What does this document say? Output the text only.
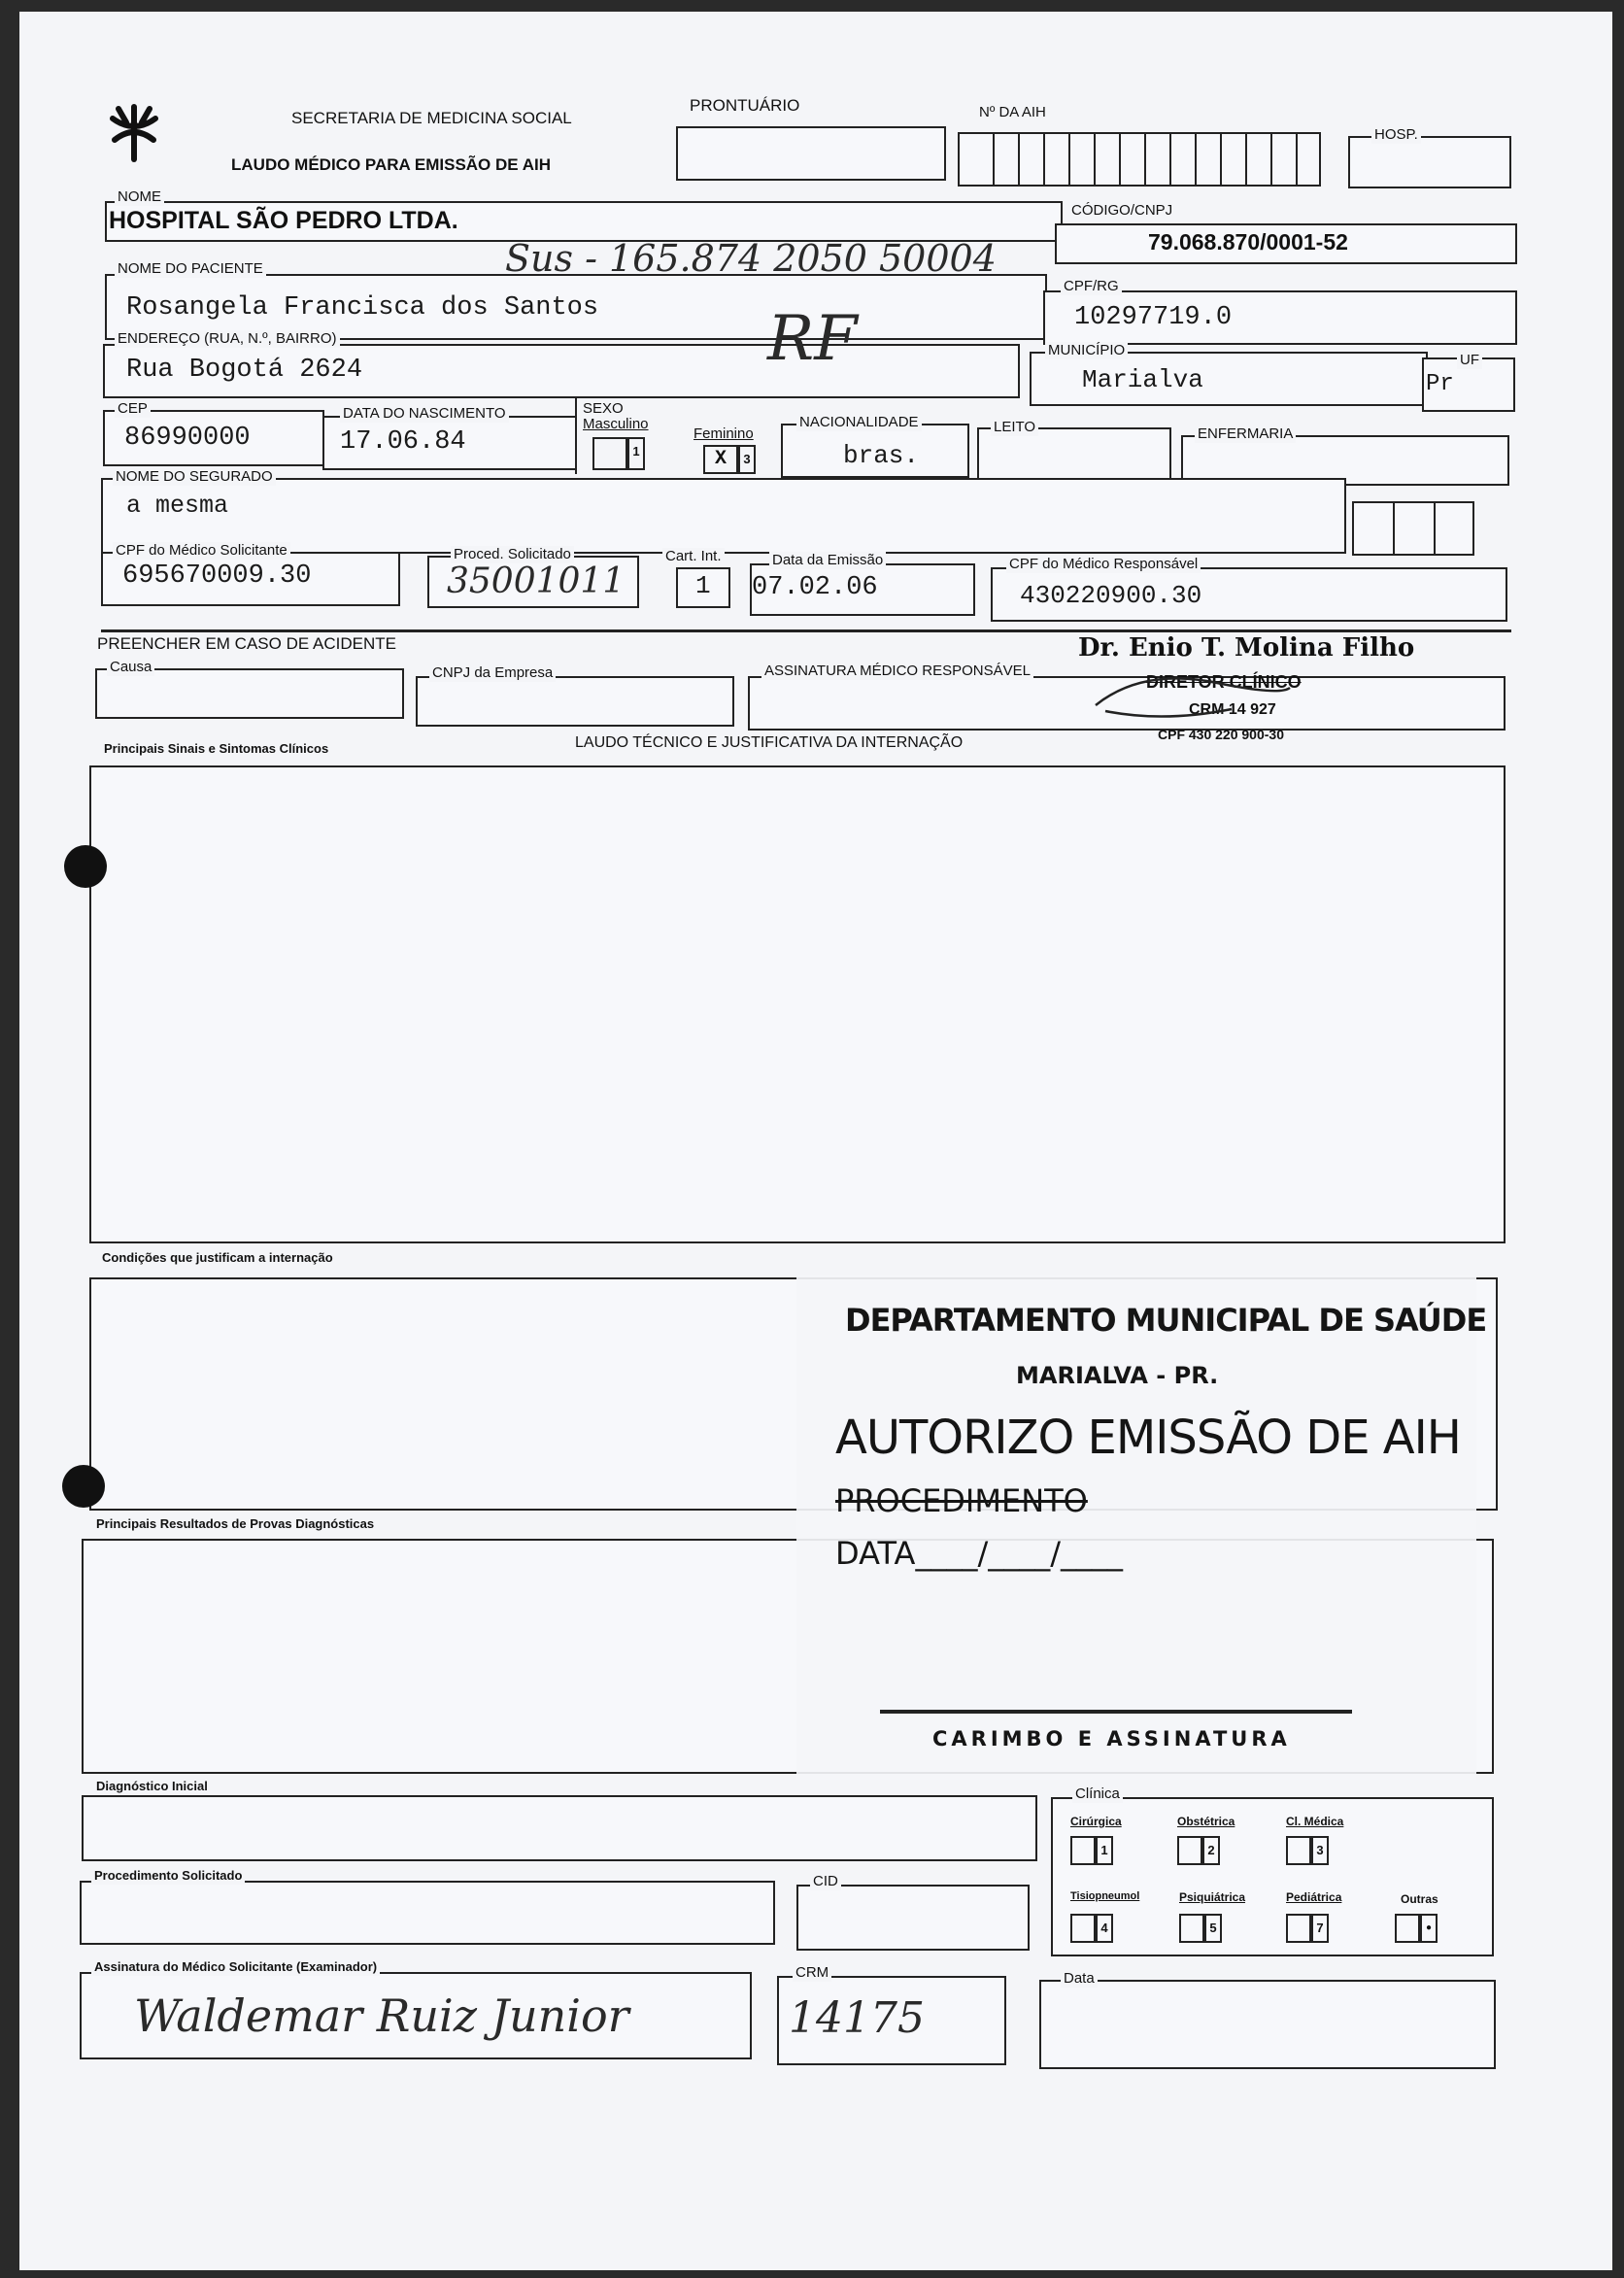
SECRETARIA DE MEDICINA SOCIAL
LAUDO MÉDICO PARA EMISSÃO DE AIH
PRONTUÁRIO	Nº DA AIH
HOSP.
NOME
HOSPITAL SÃO PEDRO LTDA.	CÓDIGO/CNPJ
79.068.870/0001-52
NOME DO PACIENTE
Rosangela Francisca dos Santos
Sus - 165.874 2050 50004
CPF/RG
10297719.0
ENDEREÇO (RUA, N.º, BAIRRO)
Rua Bogotá 2624	RF	MUNICÍPIO
Marialva
UF
Pr
CEP
86990000
DATA DO NASCIMENTO
17.06.84
SEXO
Masculino
1
Feminino
X	3
NACIONALIDADE
bras.
LEITO	ENFERMARIA
NOME DO SEGURADO
a mesma
CPF do Médico Solicitante
695670009.30
Proced. Solicitado
35001011
Cart. Int.
1
Data da Emissão
07.02.06
CPF do Médico Responsável
430220900.30
PREENCHER EM CASO DE ACIDENTE
Causa	CNPJ da Empresa	ASSINATURA MÉDICO RESPONSÁVEL
Dr. Enio T. Molina Filho
DIRETOR CLÍNICO
CRM 14 927
CPF 430 220 900-30
LAUDO TÉCNICO E JUSTIFICATIVA DA INTERNAÇÃO
Principais Sinais e Sintomas Clínicos
Condições que justificam a internação
Principais Resultados de Provas Diagnósticas
DEPARTAMENTO MUNICIPAL DE SAÚDE
MARIALVA - PR.
AUTORIZO EMISSÃO DE AIH
PROCEDIMENTO
DATA____/____/____
CARIMBO E ASSINATURA
Diagnóstico Inicial	Clínica
Cirúrgica
1
Obstétrica
2
Cl. Médica
3
Tisiopneumol
4
Psiquiátrica
5
Pediátrica
7
Outras
●
Procedimento Solicitado	CID
Assinatura do Médico Solicitante (Examinador)
Waldemar Ruiz Junior
CRM
14175
Data
